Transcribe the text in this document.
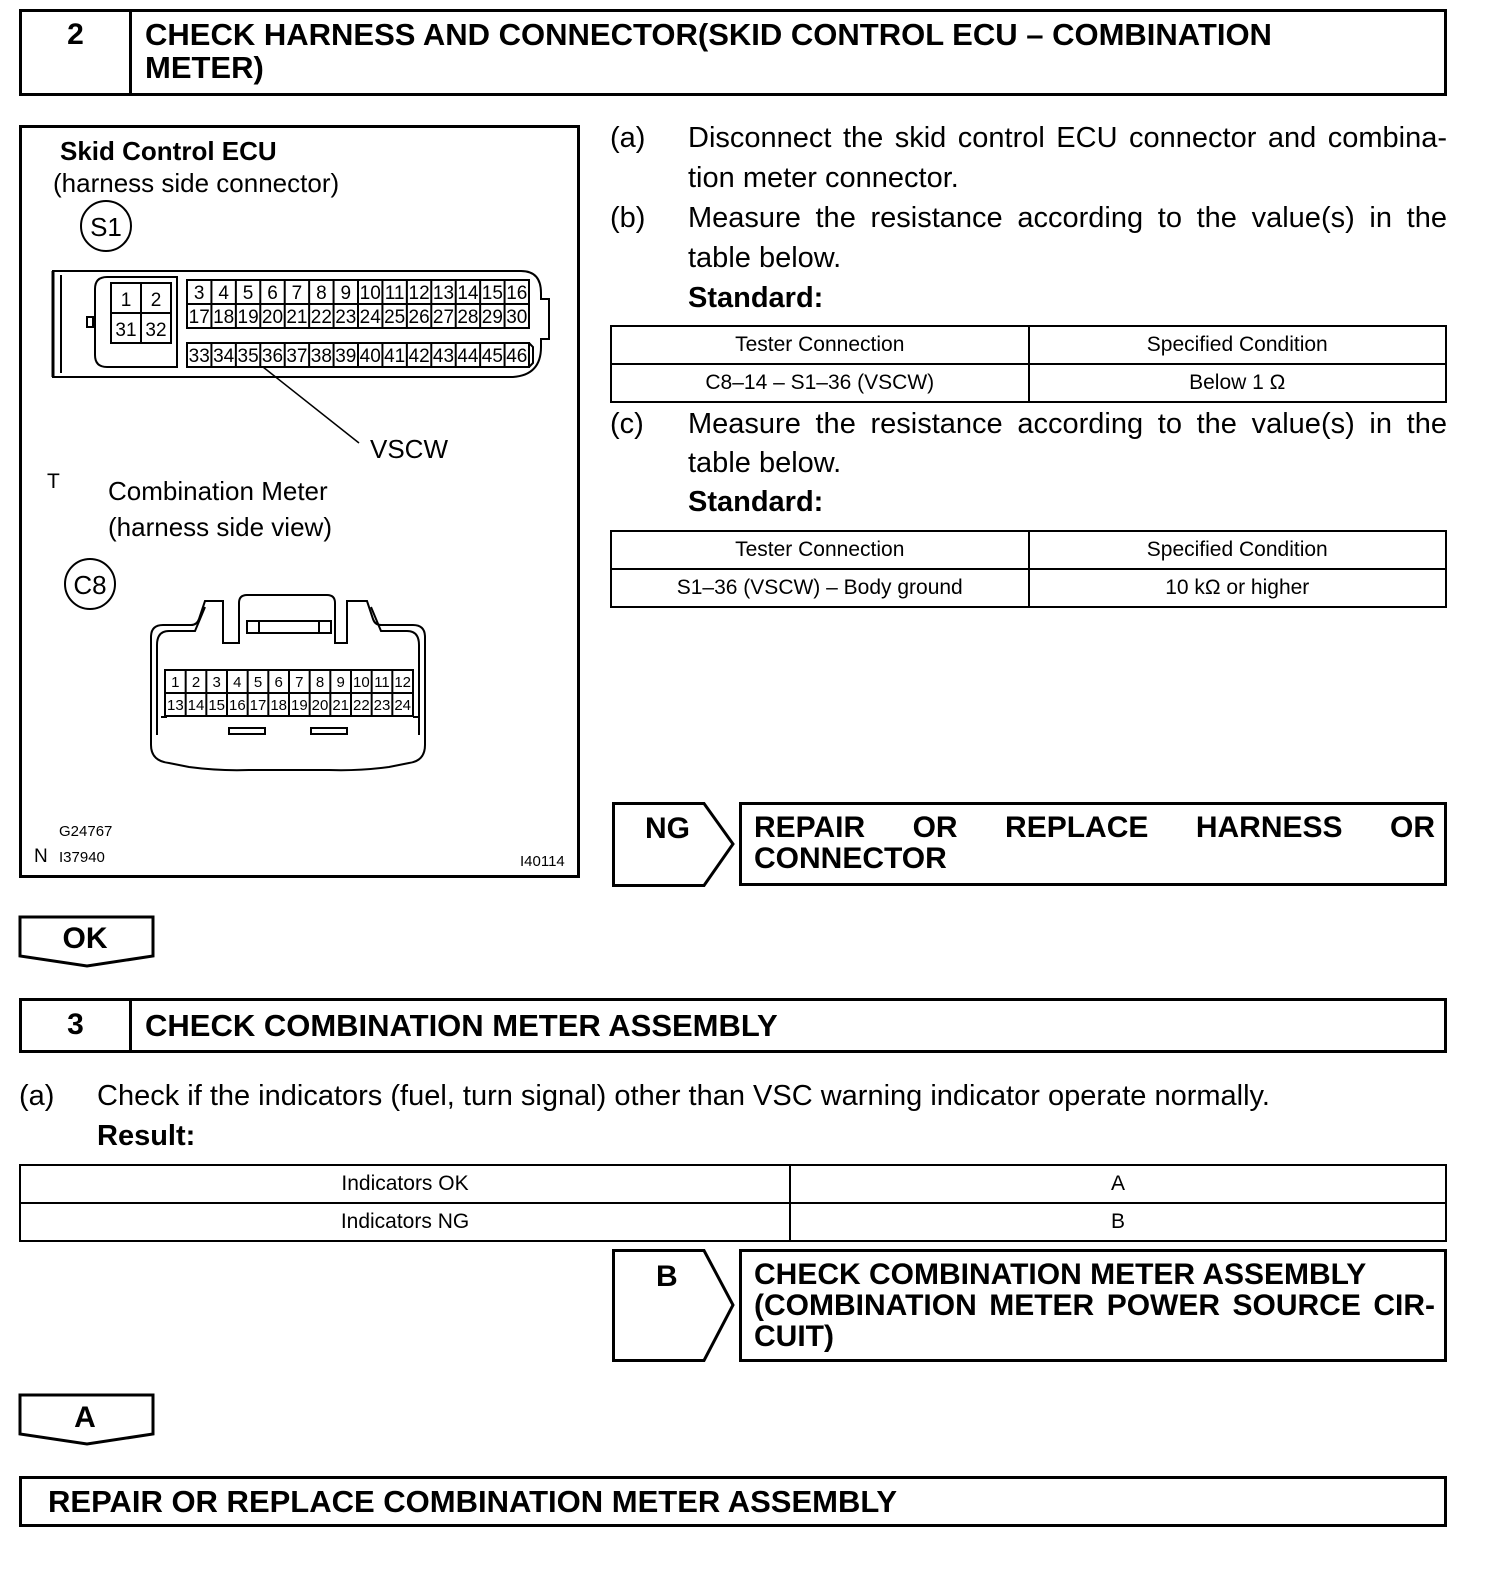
2	CHECK HARNESS AND CONNECTOR(SKID CONTROL ECU – COMBINATION
METER)
Skid Control ECU
(harness side connector)
S1
3 4 5 6 7 8 9 10 11 12 13 14 15 16
17 18 19 20 21 22 23 24 25 26 27 28 29 30
33 34 35 36 37 38 39 40 41 42 43 44 45 46
1 2
31 32
VSCW
C8
1 2 3 4 5 6 7 8 9 10 11 12
13 14 15 16 17 18 19 20 21 22 23 24
T Combination Meter
(harness side view)
G24767
N I37940	I40114
(a) Disconnect the skid control ECU connector and combina-
tion meter connector.
(b) Measure the resistance according to the value(s) in the
table below.
Standard:
Tester Connection	Specified Condition
C8–14 – S1–36 (VSCW)	Below 1 Ω
(c) Measure the resistance according to the value(s) in the
table below.
Standard:
Tester Connection	Specified Condition
S1–36 (VSCW) – Body ground	10 kΩ or higher
NG REPAIR OR REPLACE HARNESS OR
CONNECTOR
OK
3	CHECK COMBINATION METER ASSEMBLY
(a) Check if the indicators (fuel, turn signal) other than VSC warning indicator operate normally.
Result:
Indicators OK	A
Indicators NG	B
B	CHECK COMBINATION METER ASSEMBLY
(COMBINATION METER POWER SOURCE CIR-
CUIT)
A
REPAIR OR REPLACE COMBINATION METER ASSEMBLY
